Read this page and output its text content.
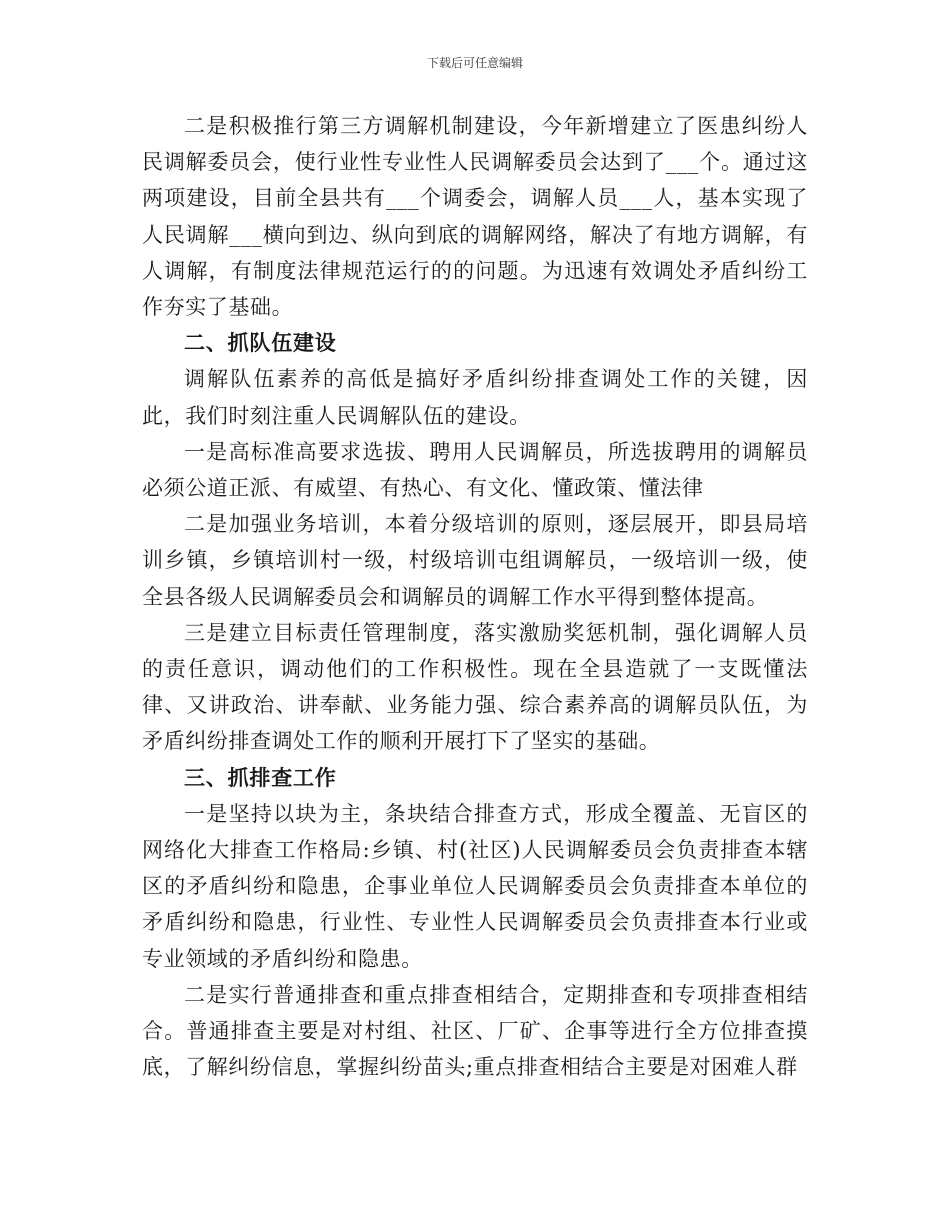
下载后可任意编辑

二是积极推行第三方调解机制建设，今年新增建立了医患纠纷人民调解委员会，使行业性专业性人民调解委员会达到了___个。通过这两项建设，目前全县共有___个调委会，调解人员___人，基本实现了人民调解___横向到边、纵向到底的调解网络，解决了有地方调解，有人调解，有制度法律规范运行的的问题。为迅速有效调处矛盾纠纷工作夯实了基础。

二、抓队伍建设

调解队伍素养的高低是搞好矛盾纠纷排查调处工作的关键，因此，我们时刻注重人民调解队伍的建设。

一是高标准高要求选拔、聘用人民调解员，所选拔聘用的调解员必须公道正派、有威望、有热心、有文化、懂政策、懂法律

二是加强业务培训，本着分级培训的原则，逐层展开，即县局培训乡镇，乡镇培训村一级，村级培训屯组调解员，一级培训一级，使全县各级人民调解委员会和调解员的调解工作水平得到整体提高。

三是建立目标责任管理制度，落实激励奖惩机制，强化调解人员的责任意识，调动他们的工作积极性。现在全县造就了一支既懂法律、又讲政治、讲奉献、业务能力强、综合素养高的调解员队伍，为矛盾纠纷排查调处工作的顺利开展打下了坚实的基础。

三、抓排查工作

一是坚持以块为主，条块结合排查方式，形成全覆盖、无盲区的网络化大排查工作格局:乡镇、村(社区)人民调解委员会负责排查本辖区的矛盾纠纷和隐患，企事业单位人民调解委员会负责排查本单位的矛盾纠纷和隐患，行业性、专业性人民调解委员会负责排查本行业或专业领域的矛盾纠纷和隐患。

二是实行普通排查和重点排查相结合，定期排查和专项排查相结合。普通排查主要是对村组、社区、厂矿、企事等进行全方位排查摸底，了解纠纷信息，掌握纠纷苗头;重点排查相结合主要是对困难人群
